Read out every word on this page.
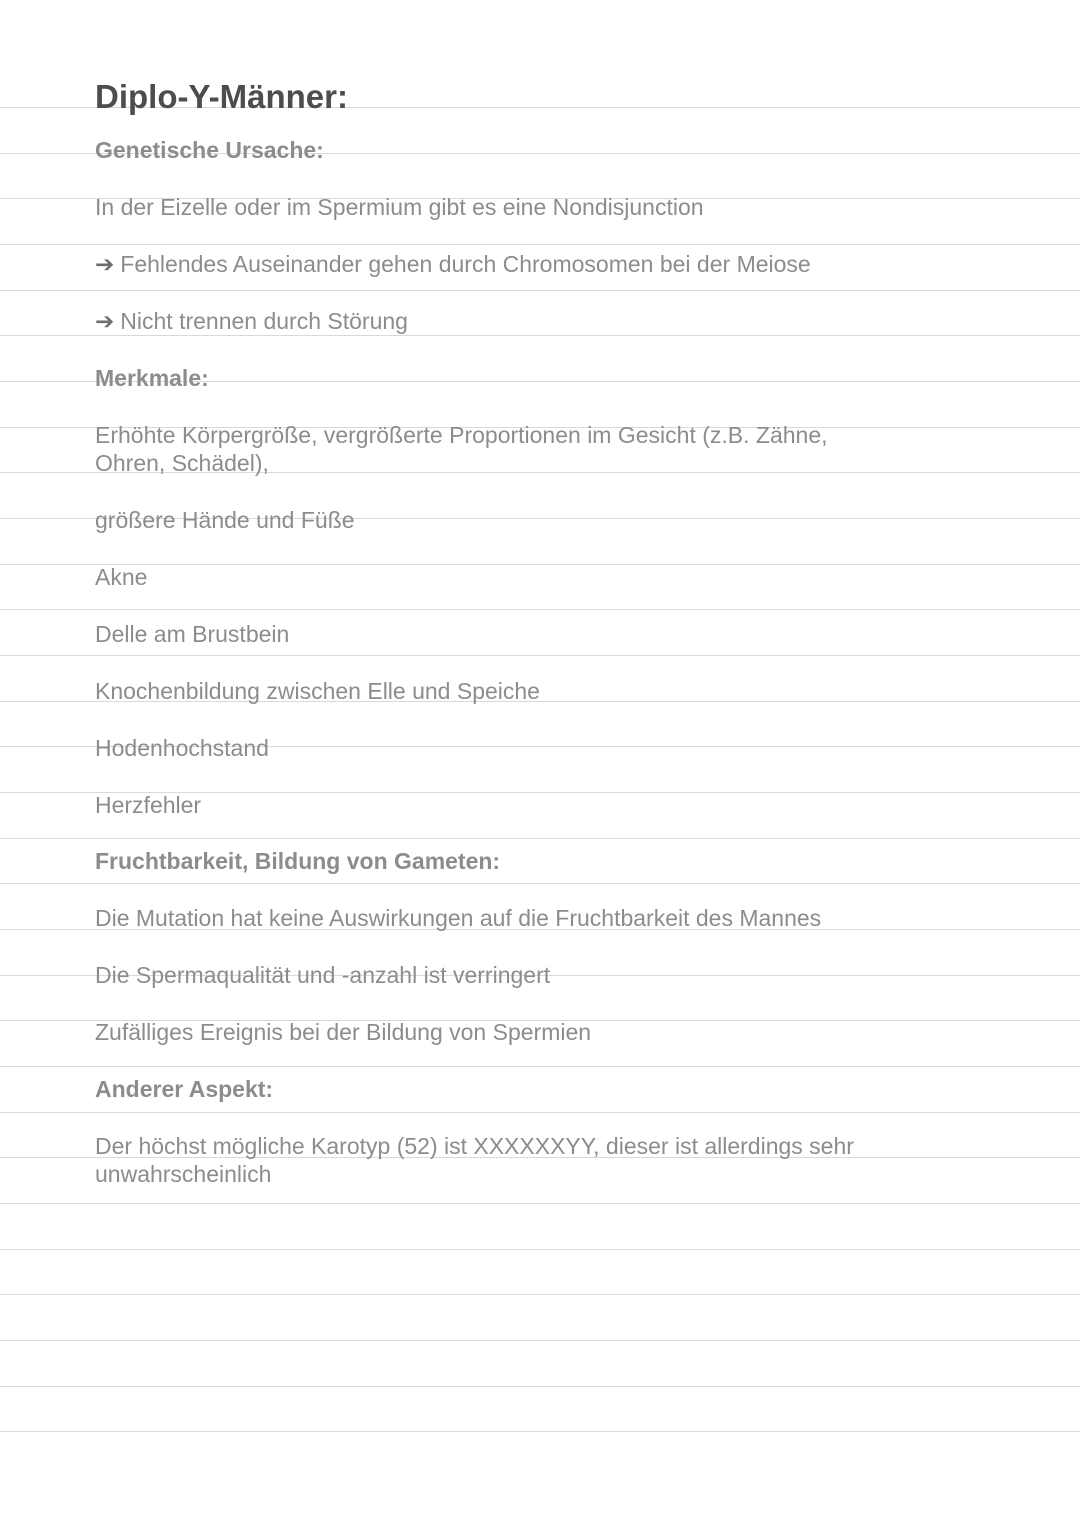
Diplo-Y-Männer:
Genetische Ursache:
In der Eizelle oder im Spermium gibt es eine Nondisjunction
➔ Fehlendes Auseinander gehen durch Chromosomen bei der Meiose
➔ Nicht trennen durch Störung
Merkmale:
Erhöhte Körpergröße, vergrößerte Proportionen im Gesicht (z.B. Zähne,
Ohren, Schädel),
größere Hände und Füße
Akne
Delle am Brustbein
Knochenbildung zwischen Elle und Speiche
Hodenhochstand
Herzfehler
Fruchtbarkeit, Bildung von Gameten:
Die Mutation hat keine Auswirkungen auf die Fruchtbarkeit des Mannes
Die Spermaqualität und -anzahl ist verringert
Zufälliges Ereignis bei der Bildung von Spermien
Anderer Aspekt:
Der höchst mögliche Karotyp (52) ist XXXXXXYY, dieser ist allerdings sehr
unwahrscheinlich
